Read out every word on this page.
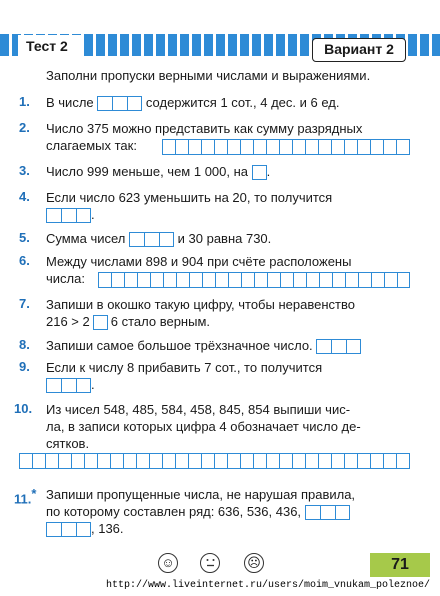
Тест 2	Вариант 2
Заполни пропуски верными числами и выражениями.
1. В числе	содержится 1 сот., 4 дес. и 6 ед.
2. Число 375 можно представить как сумму разрядных
слагаемых так:
3. Число 999 меньше, чем 1 000, на .
4. Если число 623 уменьшить на 20, то получится
.
5. Сумма чисел	и 30 равна 730.
6. Между числами 898 и 904 при счёте расположены
числа:
7. Запиши в окошко такую цифру, чтобы неравенство
216 > 2 6 стало верным.
8. Запиши самое большое трёхзначное число.
9. Если к числу 8 прибавить 7 сот., то получится
.
10. Из чисел 548, 485, 584, 458, 845, 854 выпиши чис-
ла, в записи которых цифра 4 обозначает число де-
сятков.
11.* Запиши пропущенные числа, не нарушая правила,
по которому составлен ряд: 636, 536, 436,
, 136.
☺	☹	71
http://www.liveinternet.ru/users/moim_vnukam_poleznoe/
